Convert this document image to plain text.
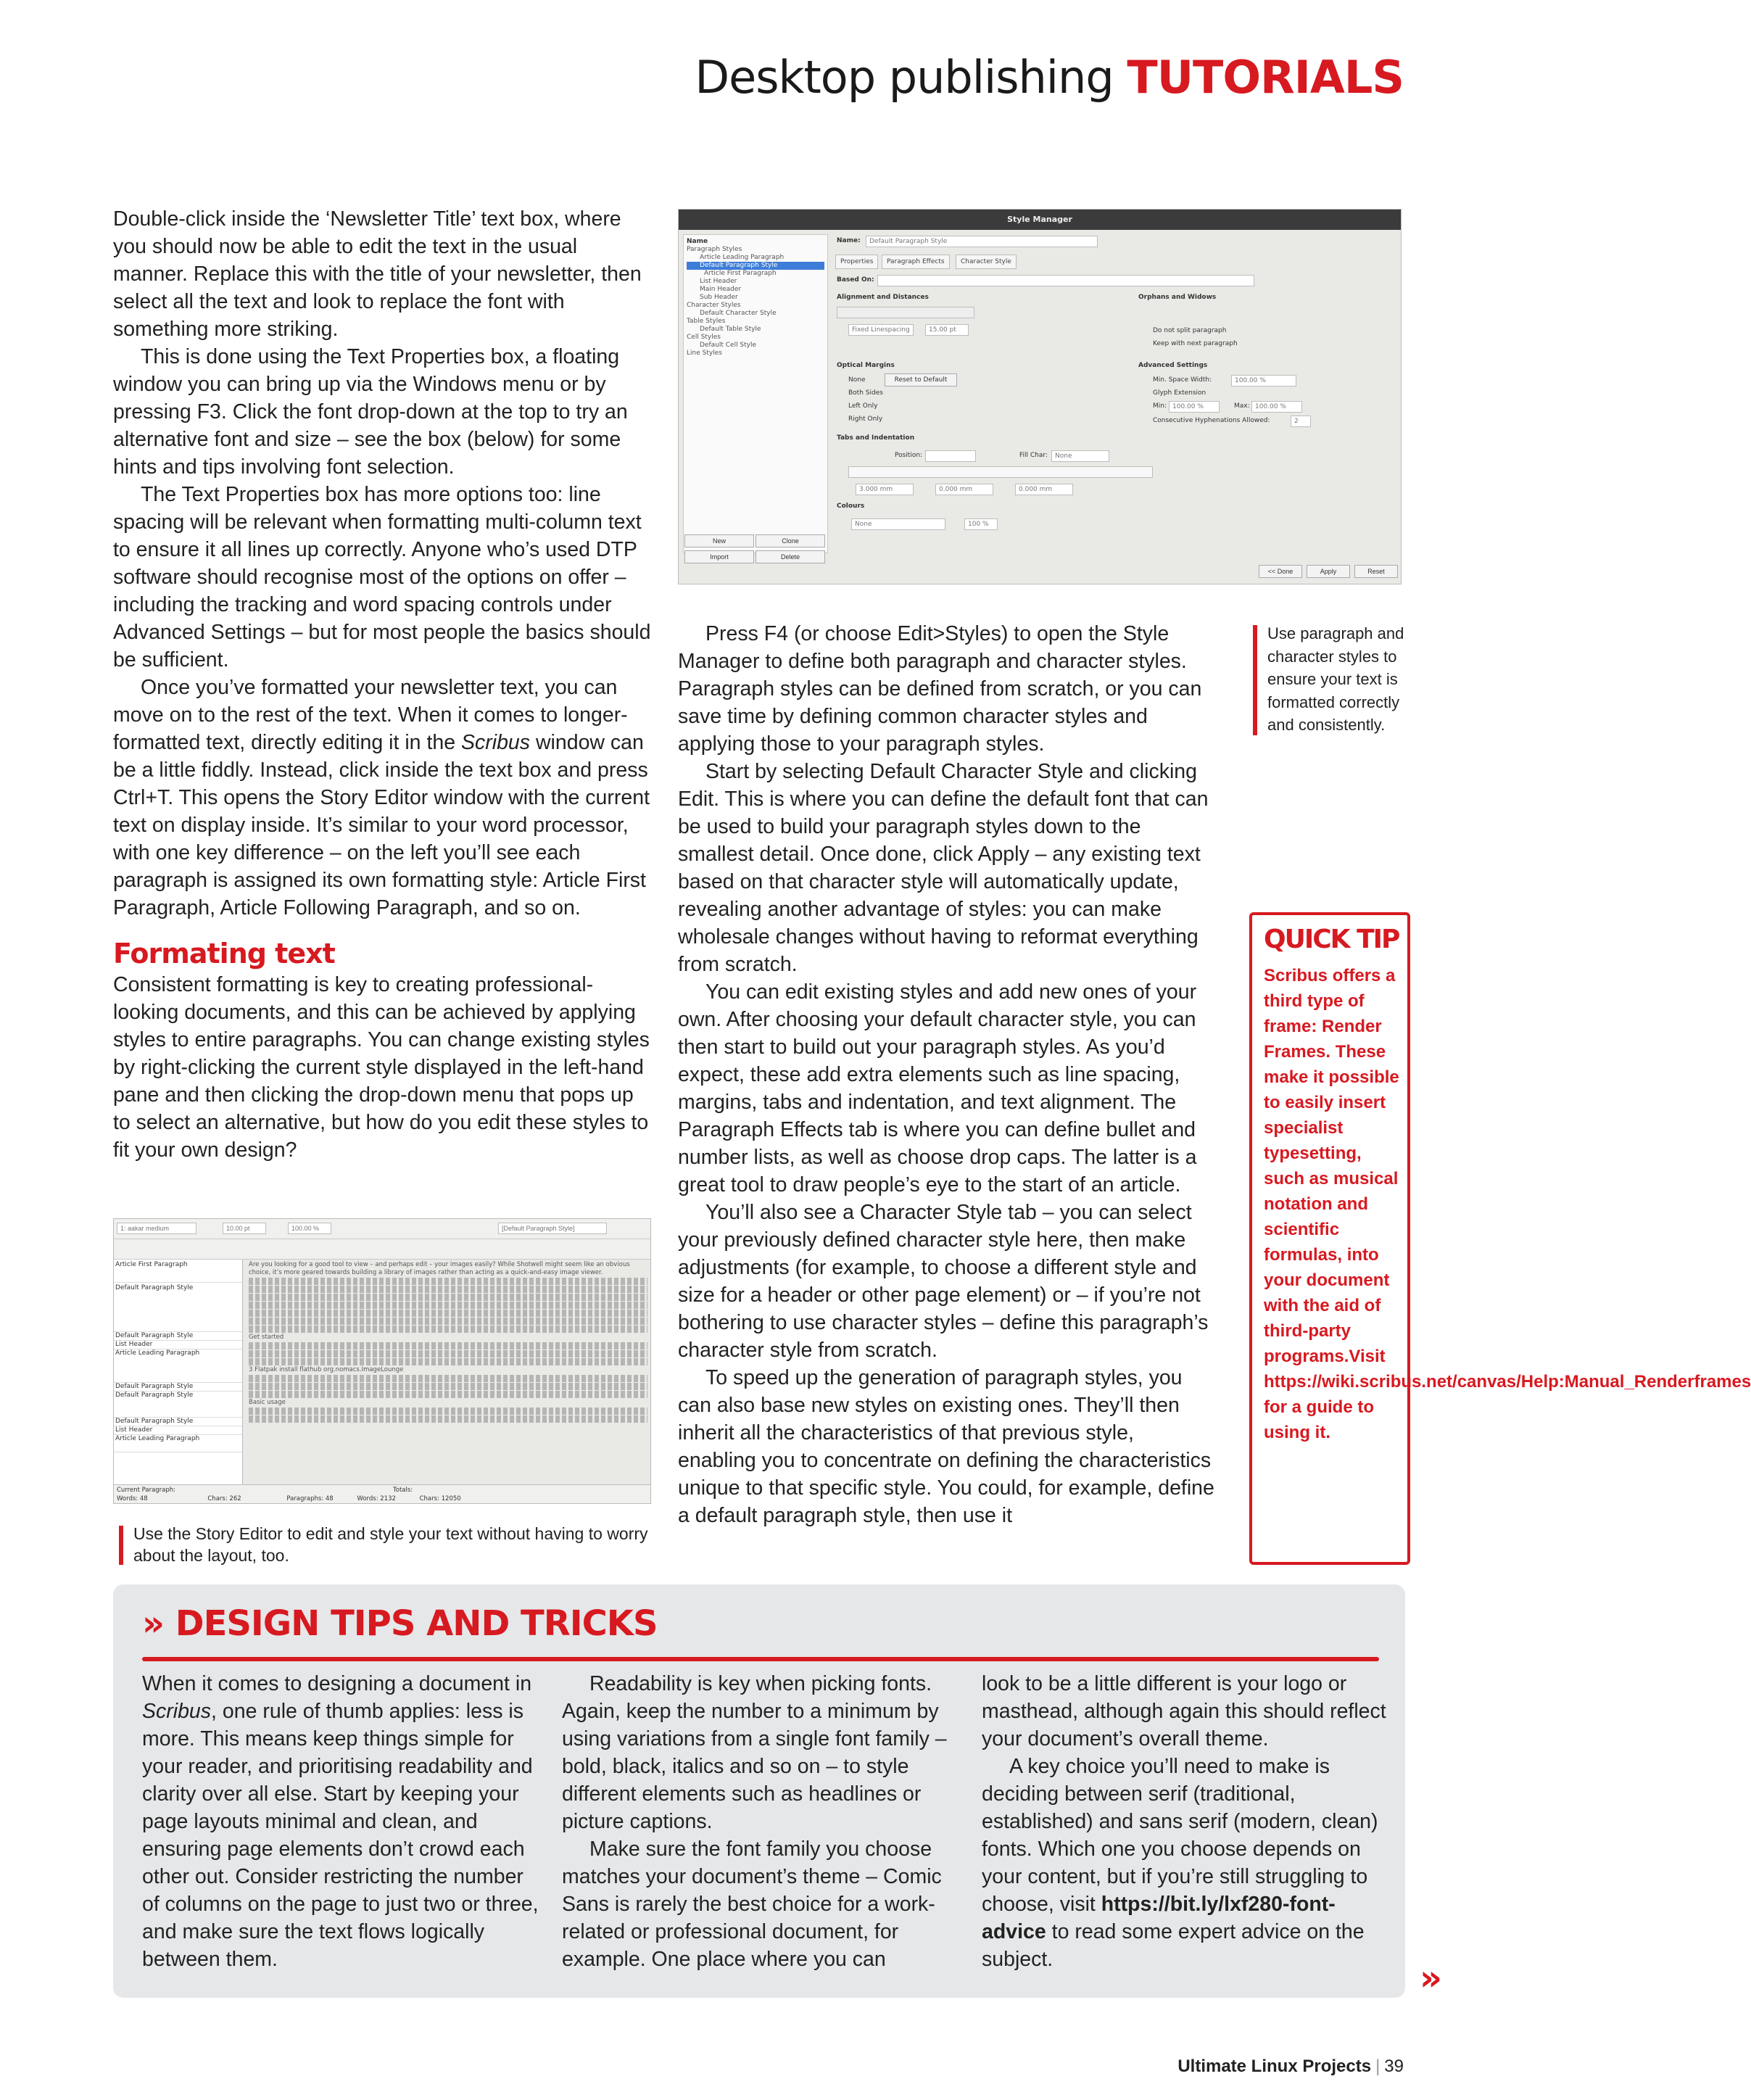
Desktop publishing TUTORIALS

Double-click inside the ‘Newsletter Title’ text box, where you should now be able to edit the text in the usual manner. Replace this with the title of your newsletter, then select all the text and look to replace the font with something more striking.

This is done using the Text Properties box, a floating window you can bring up via the Windows menu or by pressing F3. Click the font drop-down at the top to try an alternative font and size – see the box (below) for some hints and tips involving font selection.

The Text Properties box has more options too: line spacing will be relevant when formatting multi-column text to ensure it all lines up correctly. Anyone who’s used DTP software should recognise most of the options on offer – including the tracking and word spacing controls under Advanced Settings – but for most people the basics should be sufficient.

Once you’ve formatted your newsletter text, you can move on to the rest of the text. When it comes to longer-formatted text, directly editing it in the Scribus window can be a little fiddly. Instead, click inside the text box and press Ctrl+T. This opens the Story Editor window with the current text on display inside. It’s similar to your word processor, with one key difference – on the left you’ll see each paragraph is assigned its own formatting style: Article First Paragraph, Article Following Paragraph, and so on.

Formating text

Consistent formatting is key to creating professional-looking documents, and this can be achieved by applying styles to entire paragraphs. You can change existing styles by right-clicking the current style displayed in the left-hand pane and then clicking the drop-down menu that pops up to select an alternative, but how do you edit these styles to fit your own design?

Style Manager
Name
Paragraph Styles
Article Leading Paragraph
Default Paragraph Style
Article First Paragraph
List Header
Main Header
Sub Header
Character Styles
Default Character Style
Table Styles
Default Table Style
Cell Styles
Default Cell Style
Line Styles
Name:	Default Paragraph Style
Properties	Paragraph Effects	Character Style
Based On:
Alignment and Distances	Orphans and Widows
Fixed Linespacing	15.00 pt	Do not split paragraph
Keep with next paragraph
Optical Margins	Advanced Settings
None	Reset to Default
Both Sides
Left Only
Right Only
Min. Space Width:	100.00 %
Glyph Extension
Min: 100.00 %	Max: 100.00 %
Consecutive Hyphenations Allowed:	2
Tabs and Indentation
Position:	Fill Char:	None
3.000 mm	0.000 mm	0.000 mm
Colours
None	100 %
New	Clone
Import	Delete
<< Done	Apply	Reset
Use paragraph and character styles to ensure your text is formatted correctly and consistently.

Press F4 (or choose Edit>Styles) to open the Style Manager to define both paragraph and character styles. Paragraph styles can be defined from scratch, or you can save time by defining common character styles and applying those to your paragraph styles.

Start by selecting Default Character Style and clicking Edit. This is where you can define the default font that can be used to build your paragraph styles down to the smallest detail. Once done, click Apply – any existing text based on that character style will automatically update, revealing another advantage of styles: you can make wholesale changes without having to reformat everything from scratch.

You can edit existing styles and add new ones of your own. After choosing your default character style, you can then start to build out your paragraph styles. As you’d expect, these add extra elements such as line spacing, margins, tabs and indentation, and text alignment. The Paragraph Effects tab is where you can define bullet and number lists, as well as choose drop caps. The latter is a great tool to draw people’s eye to the start of an article.

You’ll also see a Character Style tab – you can select your previously defined character style here, then make adjustments (for example, to choose a different style and size for a header or other page element) or – if you’re not bothering to use character styles – define this paragraph’s character style from scratch.

To speed up the generation of paragraph styles, you can also base new styles on existing ones. They’ll then inherit all the characteristics of that previous style, enabling you to concentrate on defining the characteristics unique to that specific style. You could, for example, define a default paragraph style, then use it

QUICK TIP
Scribus offers a third type of frame: Render Frames. These make it possible to easily insert specialist typesetting, such as musical notation and scientific formulas, into your document with the aid of third-party programs.Visit https://wiki.scribus.net/canvas/Help:Manual_Renderframes for a guide to using it.
1: aakar medium	10.00 pt	100.00 %	[Default Paragraph Style]
Article First Paragraph
Default Paragraph Style
Default Paragraph Style
List Header
Article Leading Paragraph
Default Paragraph Style
Default Paragraph Style
Default Paragraph Style
List Header
Article Leading Paragraph
Are you looking for a good tool to view – and perhaps edit – your images easily? While Shotwell might seem like an obvious choice, it’s more geared towards building a library of images rather than acting as a quick-and-easy image viewer.
Get started
3 Flatpak install flathub org.nomacs.ImageLounge
Basic usage
Current Paragraph:	Totals:
Words: 48	Chars: 262	Paragraphs: 48	Words: 2132	Chars: 12050
Use the Story Editor to edit and style your text without having to worry about the layout, too.
» DESIGN TIPS AND TRICKS

When it comes to designing a document in Scribus, one rule of thumb applies: less is more. This means keep things simple for your reader, and prioritising readability and clarity over all else. Start by keeping your page layouts minimal and clean, and ensuring page elements don’t crowd each other out. Consider restricting the number of columns on the page to just two or three, and make sure the text flows logically between them.

Readability is key when picking fonts. Again, keep the number to a minimum by using variations from a single font family – bold, black, italics and so on – to style different elements such as headlines or picture captions.

Make sure the font family you choose matches your document’s theme – Comic Sans is rarely the best choice for a work-related or professional document, for example. One place where you can

look to be a little different is your logo or masthead, although again this should reflect your document’s overall theme.

A key choice you’ll need to make is deciding between serif (traditional, established) and sans serif (modern, clean) fonts. Which one you choose depends on your content, but if you’re still struggling to choose, visit https://bit.ly/lxf280-font-advice to read some expert advice on the subject.	»
Ultimate Linux Projects | 39
